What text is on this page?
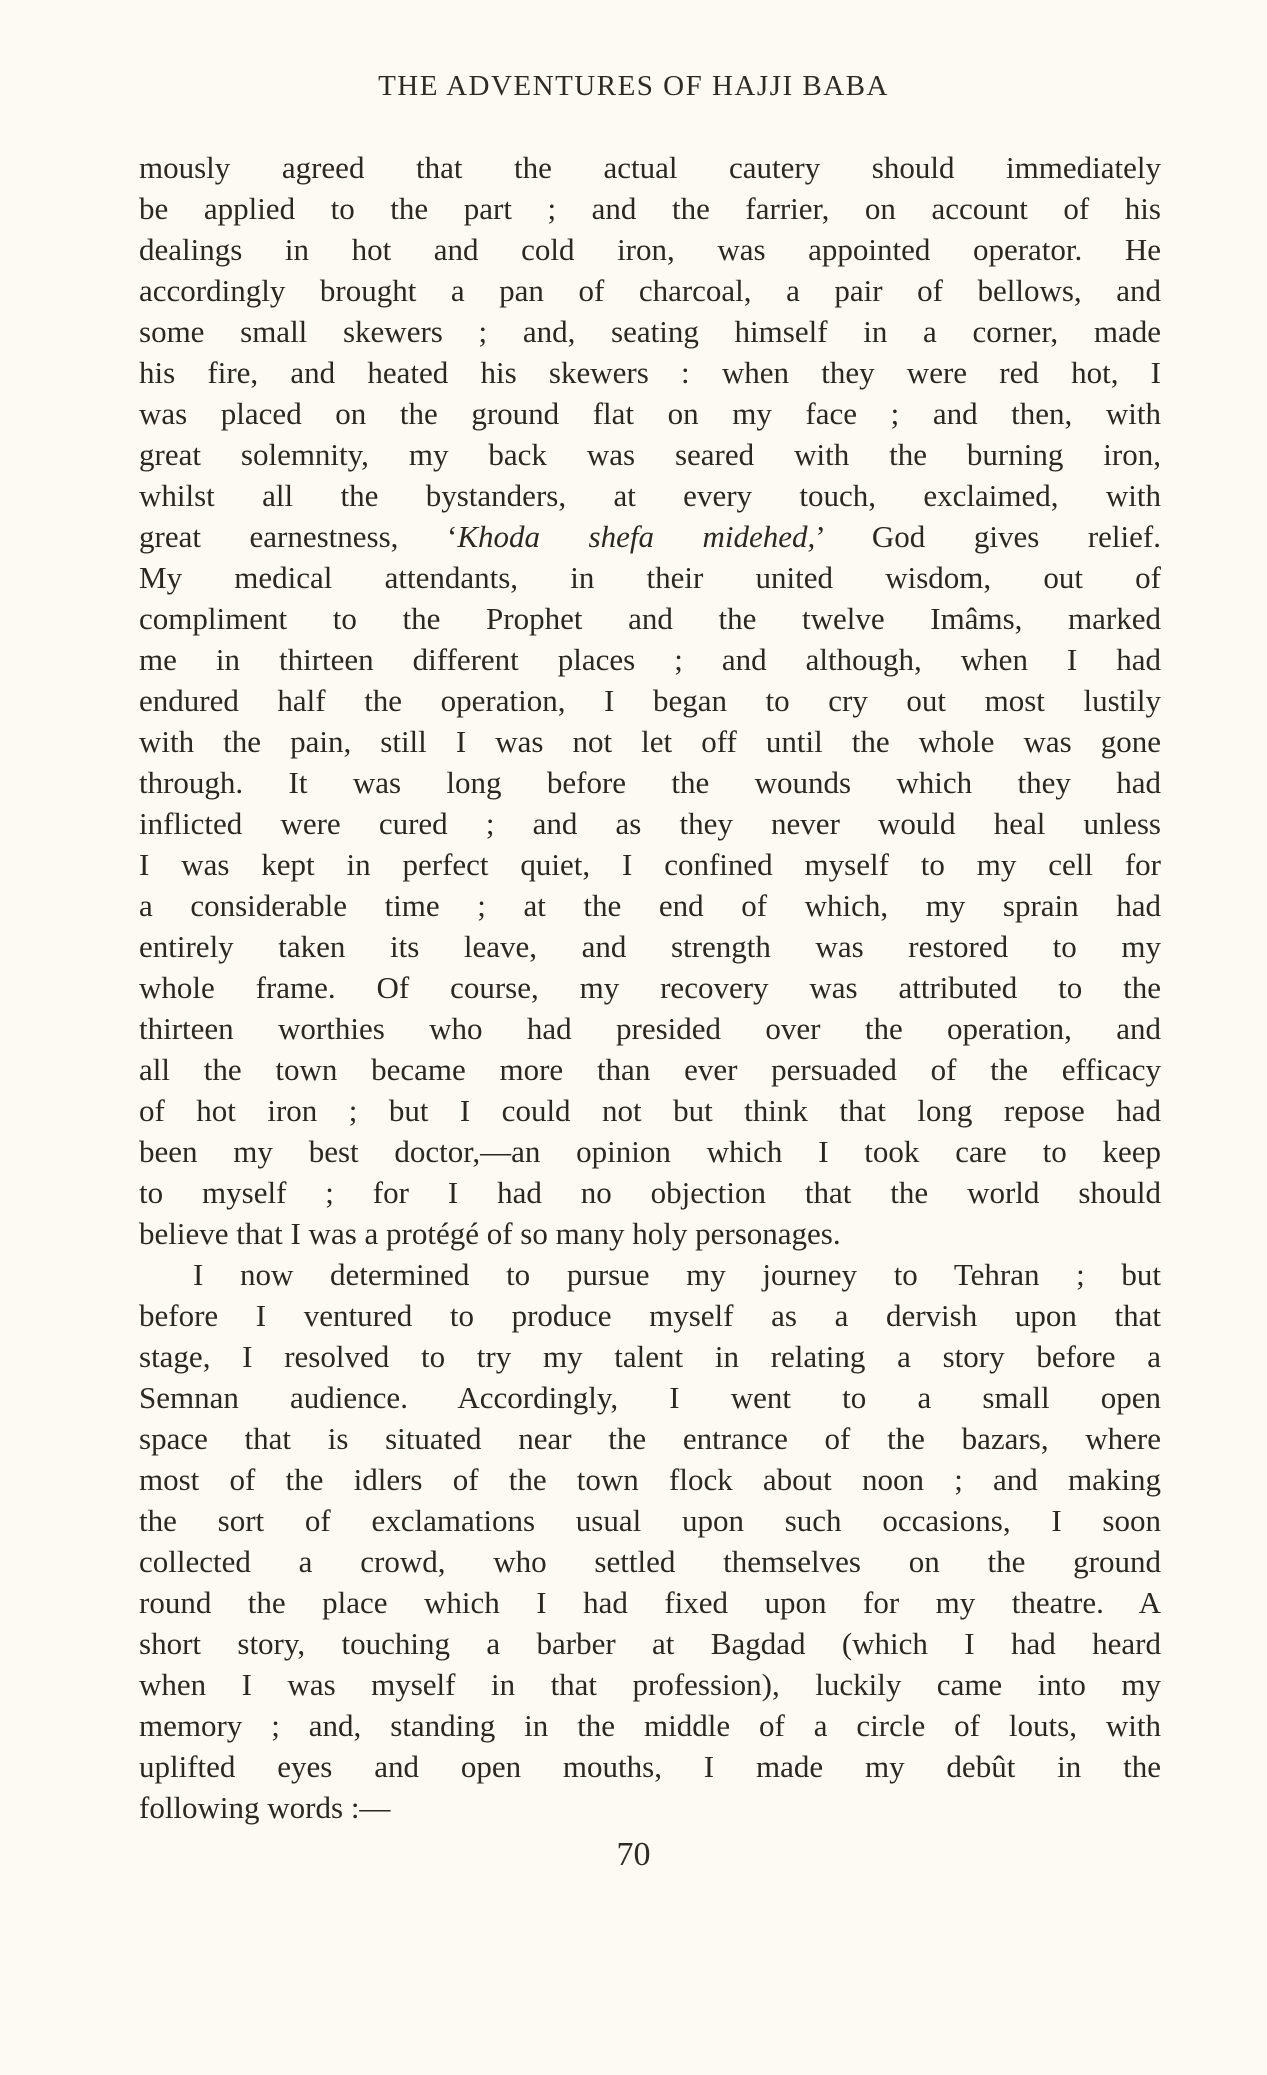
THE ADVENTURES OF HAJJI BABA
mously agreed that the actual cautery should immediately
be applied to the part ; and the farrier, on account of his
dealings in hot and cold iron, was appointed operator. He
accordingly brought a pan of charcoal, a pair of bellows, and
some small skewers ; and, seating himself in a corner, made
his fire, and heated his skewers : when they were red hot, I
was placed on the ground flat on my face ; and then, with
great solemnity, my back was seared with the burning iron,
whilst all the bystanders, at every touch, exclaimed, with
great earnestness, ‘Khoda shefa midehed,’ God gives relief.
My medical attendants, in their united wisdom, out of
compliment to the Prophet and the twelve Imâms, marked
me in thirteen different places ; and although, when I had
endured half the operation, I began to cry out most lustily
with the pain, still I was not let off until the whole was gone
through. It was long before the wounds which they had
inflicted were cured ; and as they never would heal unless
I was kept in perfect quiet, I confined myself to my cell for
a considerable time ; at the end of which, my sprain had
entirely taken its leave, and strength was restored to my
whole frame. Of course, my recovery was attributed to the
thirteen worthies who had presided over the operation, and
all the town became more than ever persuaded of the efficacy
of hot iron ; but I could not but think that long repose had
been my best doctor,—an opinion which I took care to keep
to myself ; for I had no objection that the world should
believe that I was a protégé of so many holy personages.
I now determined to pursue my journey to Tehran ; but
before I ventured to produce myself as a dervish upon that
stage, I resolved to try my talent in relating a story before a
Semnan audience. Accordingly, I went to a small open
space that is situated near the entrance of the bazars, where
most of the idlers of the town flock about noon ; and making
the sort of exclamations usual upon such occasions, I soon
collected a crowd, who settled themselves on the ground
round the place which I had fixed upon for my theatre. A
short story, touching a barber at Bagdad (which I had heard
when I was myself in that profession), luckily came into my
memory ; and, standing in the middle of a circle of louts, with
uplifted eyes and open mouths, I made my debût in the
following words :—
70
